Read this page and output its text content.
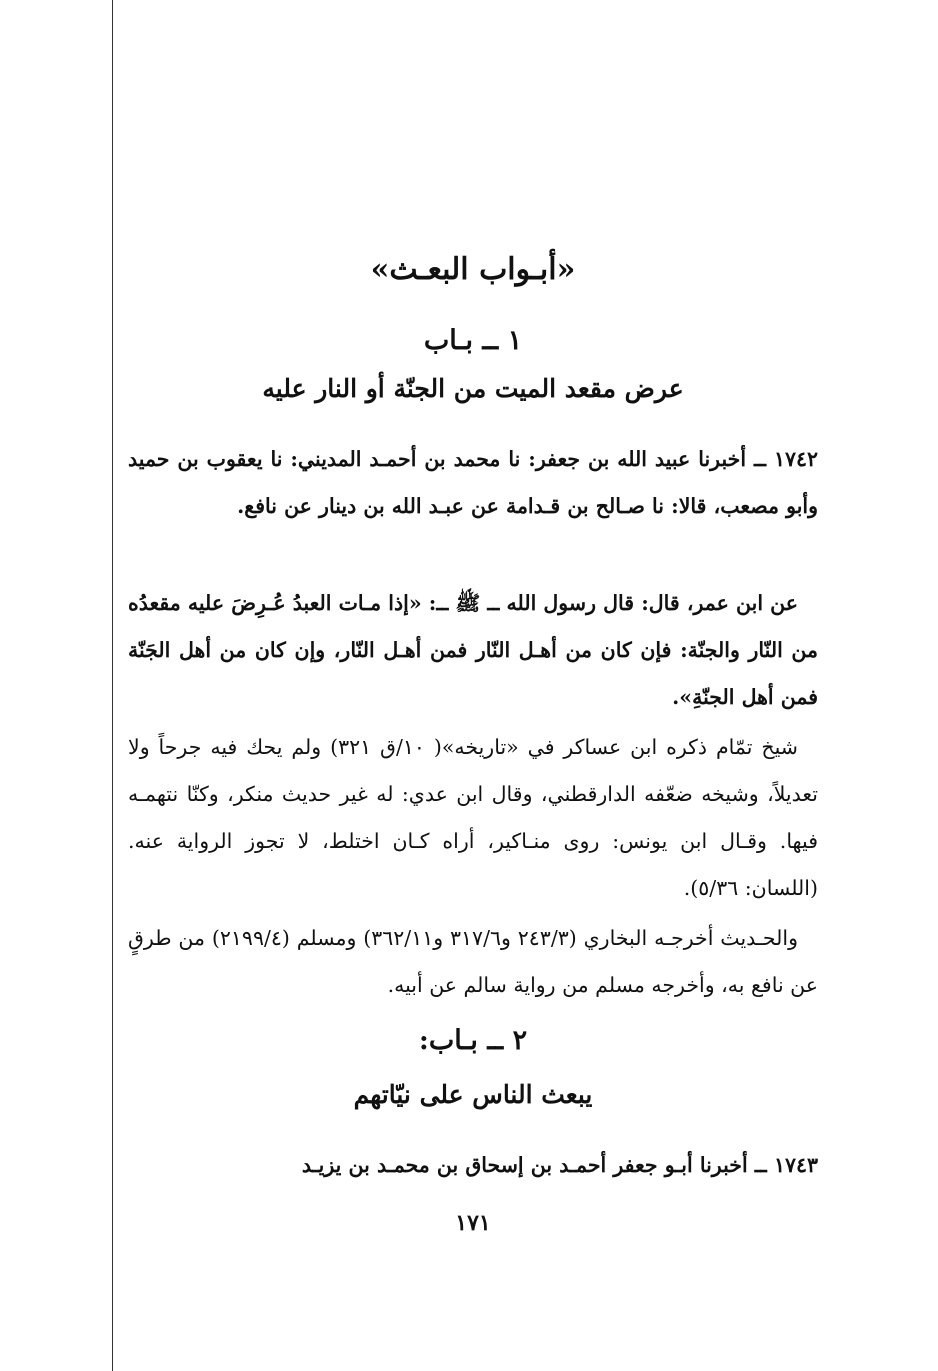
«أبـواب البعـث»
١ ــ بـاب
عرض مقعد الميت من الجنّة أو النار عليه

١٧٤٢ ــ أخبرنا عبيد الله بن جعفر: نا محمد بن أحمـد المديني: نا يعقوب بن حميد وأبو مصعب، قالا: نا صـالح بن قـدامة عن عبـد الله بن دينار عن نافع.

عن ابن عمر، قال: قال رسول الله ــ ﷺ ــ: «إذا مـات العبدُ عُـرِضَ عليه مقعدُه من النّار والجنّة: فإن كان من أهـل النّار فمن أهـل النّار، وإن كان من أهل الجَنّة فمن أهل الجنّةِ».

شيخ تمّام ذكره ابن عساكر في «تاريخه»( ١٠/ق ٣٢١) ولم يحك فيه جرحاً ولا تعديلاً، وشيخه ضعّفه الدارقطني، وقال ابن عدي: له غير حديث منكر، وكنّا نتهمـه فيها. وقـال ابن يونس: روى منـاكير، أراه كـان اختلط، لا تجوز الرواية عنه. (اللسان: ٥/٣٦).

والحـديث أخرجـه البخاري (٢٤٣/٣ و٣١٧/٦ و٣٦٢/١١) ومسلم (٢١٩٩/٤) من طرقٍ عن نافع به، وأخرجه مسلم من رواية سالم عن أبيه.

٢ ــ بـاب:
يبعث الناس على نيّاتهم

١٧٤٣ ــ أخبرنا أبـو جعفر أحمـد بن إسحاق بن محمـد بن يزيـد

١٧١
